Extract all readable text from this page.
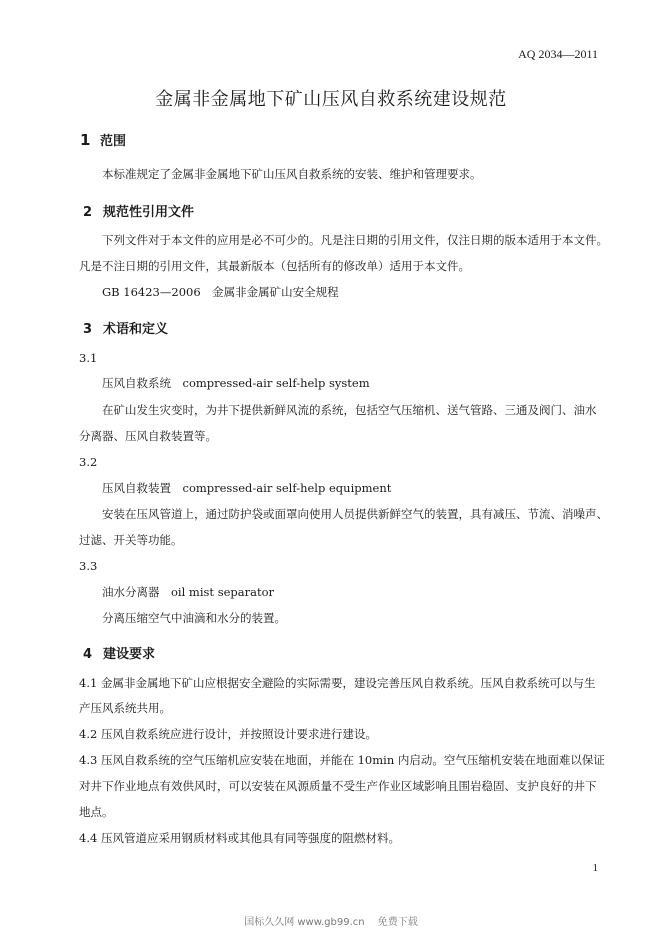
AQ 2034—2011
金属非金属地下矿山压风自救系统建设规范
1 范围
本标准规定了金属非金属地下矿山压风自救系统的安装、维护和管理要求。
2 规范性引用文件
下列文件对于本文件的应用是必不可少的。凡是注日期的引用文件，仅注日期的版本适用于本文件。
凡是不注日期的引用文件，其最新版本（包括所有的修改单）适用于本文件。
GB 16423—2006　金属非金属矿山安全规程
3 术语和定义
3.1
压风自救系统　compressed-air self-help system
在矿山发生灾变时，为井下提供新鲜风流的系统，包括空气压缩机、送气管路、三通及阀门、油水
分离器、压风自救装置等。
3.2
压风自救装置　compressed-air self-help equipment
安装在压风管道上，通过防护袋或面罩向使用人员提供新鲜空气的装置，具有减压、节流、消噪声、
过滤、开关等功能。
3.3
油水分离器　oil mist separator
分离压缩空气中油滴和水分的装置。
4 建设要求
4.1 金属非金属地下矿山应根据安全避险的实际需要，建设完善压风自救系统。压风自救系统可以与生
产压风系统共用。
4.2 压风自救系统应进行设计，并按照设计要求进行建设。
4.3 压风自救系统的空气压缩机应安装在地面，并能在 10min 内启动。空气压缩机安装在地面难以保证
对井下作业地点有效供风时，可以安装在风源质量不受生产作业区域影响且围岩稳固、支护良好的井下
地点。
4.4 压风管道应采用钢质材料或其他具有同等强度的阻燃材料。
1
国标久久网 www.gb99.cn 　免费下载
